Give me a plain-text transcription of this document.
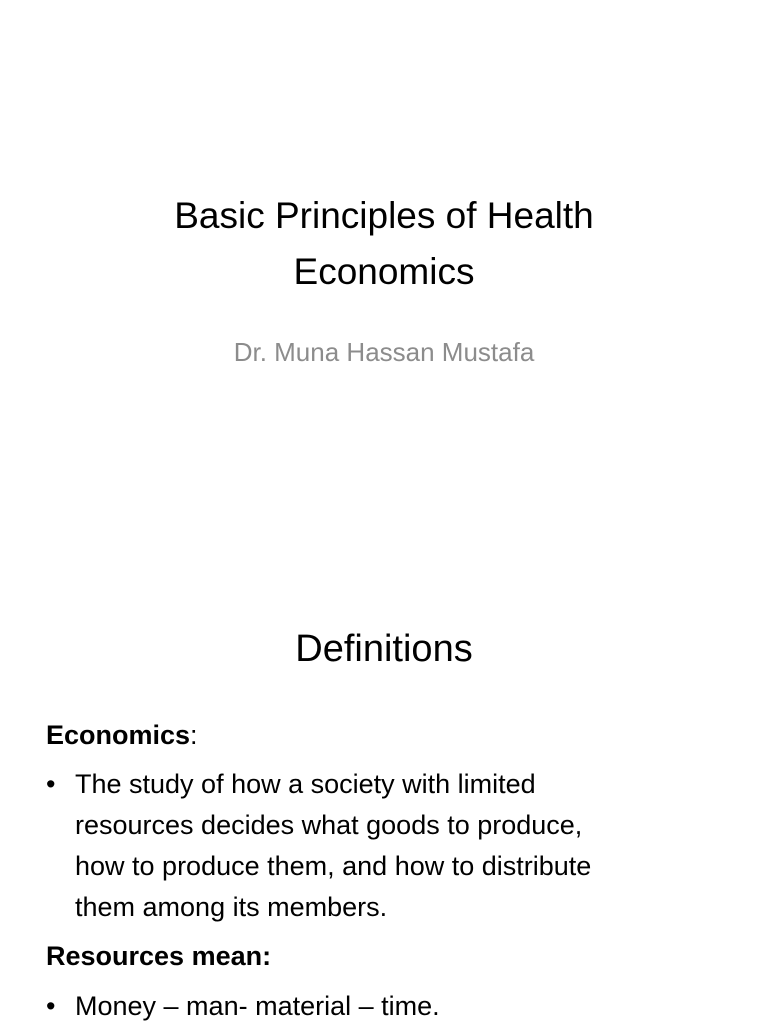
Basic Principles of Health
Economics
Dr. Muna Hassan Mustafa
Definitions
Economics:
• The study of how a society with limited
resources decides what goods to produce,
how to produce them, and how to distribute
them among its members.
Resources mean:
• Money – man- material – time.
